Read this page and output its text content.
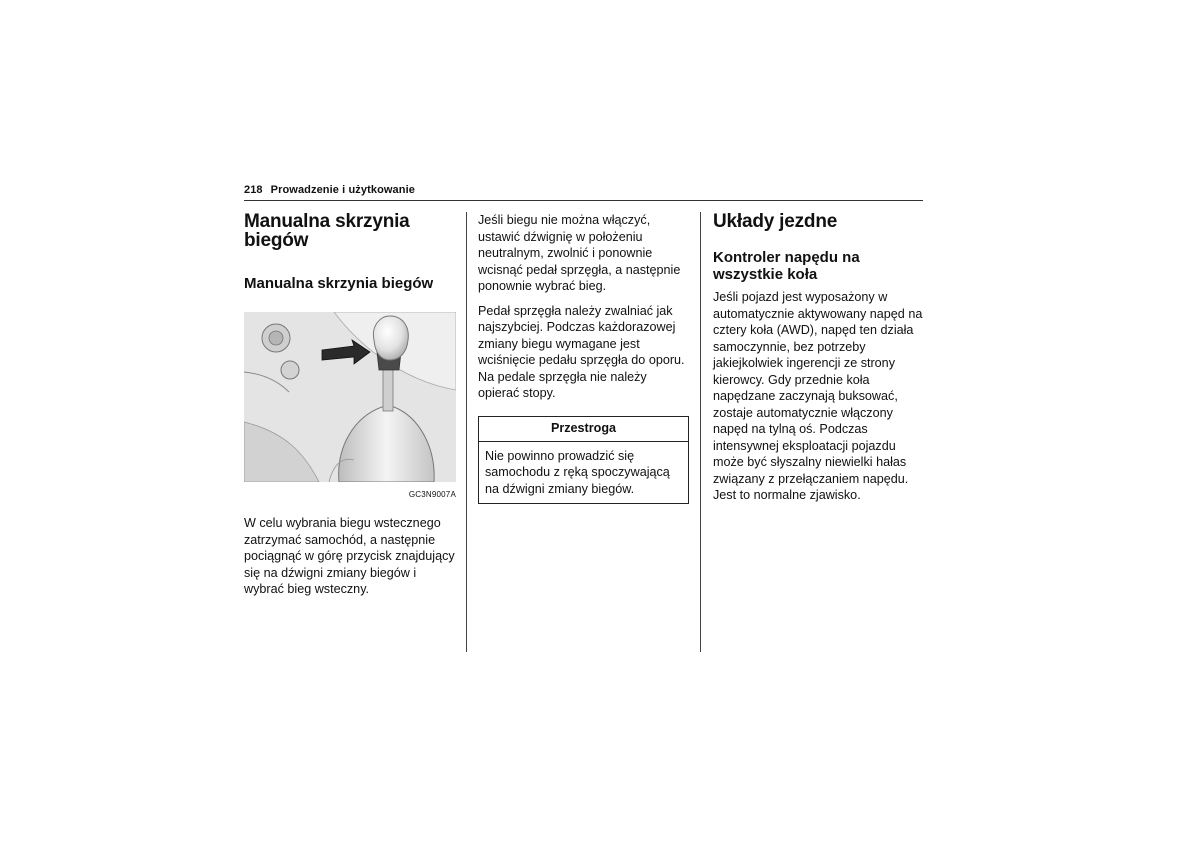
218 Prowadzenie i użytkowanie
Manualna skrzynia biegów
Manualna skrzynia biegów
GC3N9007A

W celu wybrania biegu wstecznego zatrzymać samochód, a następnie pociągnąć w górę przycisk znajdujący się na dźwigni zmiany biegów i wybrać bieg wsteczny.

Jeśli biegu nie można włączyć, ustawić dźwignię w położeniu neutralnym, zwolnić i ponownie wcisnąć pedał sprzęgła, a następnie ponownie wybrać bieg.

Pedał sprzęgła należy zwalniać jak najszybciej. Podczas każdorazowej zmiany biegu wymagane jest wciśnięcie pedału sprzęgła do oporu. Na pedale sprzęgła nie należy opierać stopy.

Przestroga

Nie powinno prowadzić się samochodu z ręką spoczywającą na dźwigni zmiany biegów.

Układy jezdne
Kontroler napędu na wszystkie koła

Jeśli pojazd jest wyposażony w automatycznie aktywowany napęd na cztery koła (AWD), napęd ten działa samoczynnie, bez potrzeby jakiejkolwiek ingerencji ze strony kierowcy. Gdy przednie koła napędzane zaczynają buksować, zostaje automatycznie włączony napęd na tylną oś. Podczas intensywnej eksploatacji pojazdu może być słyszalny niewielki hałas związany z przełączaniem napędu. Jest to normalne zjawisko.
